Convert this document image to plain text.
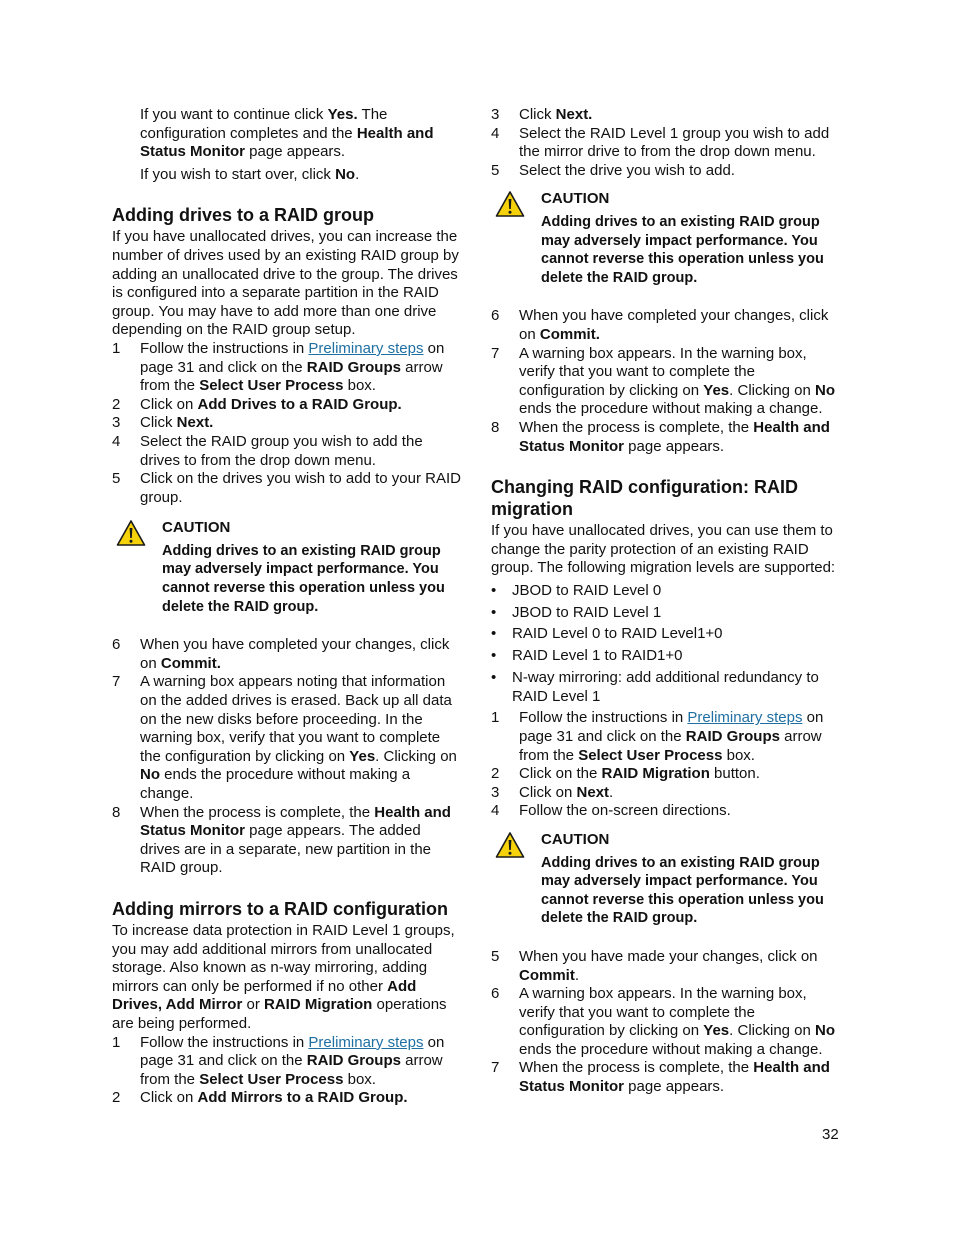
If you want to continue click Yes. The configuration completes and the Health and Status Monitor page appears.

If you wish to start over, click No.

Adding drives to a RAID group

If you have unallocated drives, you can increase the number of drives used by an existing RAID group by adding an unallocated drive to the group. The drives is configured into a separate partition in the RAID group. You may have to add more than one drive depending on the RAID group setup.

1	Follow the instructions in Preliminary steps on page 31 and click on the RAID Groups arrow from the Select User Process box.
2	Click on Add Drives to a RAID Group.
3	Click Next.
4	Select the RAID group you wish to add the drives to from the drop down menu.
5	Click on the drives you wish to add to your RAID group.
CAUTION
Adding drives to an existing RAID group may adversely impact performance. You cannot reverse this operation unless you delete the RAID group.
6	When you have completed your changes, click on Commit.
7	A warning box appears noting that information on the added drives is erased. Back up all data on the new disks before proceeding. In the warning box, verify that you want to complete the configuration by clicking on Yes. Clicking on No ends the procedure without making a change.
8	When the process is complete, the Health and Status Monitor page appears. The added drives are in a separate, new partition in the RAID group.
Adding mirrors to a RAID configuration

To increase data protection in RAID Level 1 groups, you may add additional mirrors from unallocated storage. Also known as n-way mirroring, adding mirrors can only be performed if no other Add Drives, Add Mirror or RAID Migration operations are being performed.

1	Follow the instructions in Preliminary steps on page 31 and click on the RAID Groups arrow from the Select User Process box.
2	Click on Add Mirrors to a RAID Group.
3	Click Next.
4	Select the RAID Level 1 group you wish to add the mirror drive to from the drop down menu.
5	Select the drive you wish to add.
CAUTION
Adding drives to an existing RAID group may adversely impact performance. You cannot reverse this operation unless you delete the RAID group.
6	When you have completed your changes, click on Commit.
7	A warning box appears. In the warning box, verify that you want to complete the configuration by clicking on Yes. Clicking on No ends the procedure without making a change.
8	When the process is complete, the Health and Status Monitor page appears.
Changing RAID configuration: RAID migration

If you have unallocated drives, you can use them to change the parity protection of an existing RAID group. The following migration levels are supported:

• JBOD to RAID Level 0
• JBOD to RAID Level 1
• RAID Level 0 to RAID Level1+0
• RAID Level 1 to RAID1+0
• N-way mirroring: add additional redundancy to RAID Level 1
1	Follow the instructions in Preliminary steps on page 31 and click on the RAID Groups arrow from the Select User Process box.
2	Click on the RAID Migration button.
3	Click on Next.
4	Follow the on-screen directions.
CAUTION
Adding drives to an existing RAID group may adversely impact performance. You cannot reverse this operation unless you delete the RAID group.
5	When you have made your changes, click on Commit.
6	A warning box appears. In the warning box, verify that you want to complete the configuration by clicking on Yes. Clicking on No ends the procedure without making a change.
7	When the process is complete, the Health and Status Monitor page appears.
32
